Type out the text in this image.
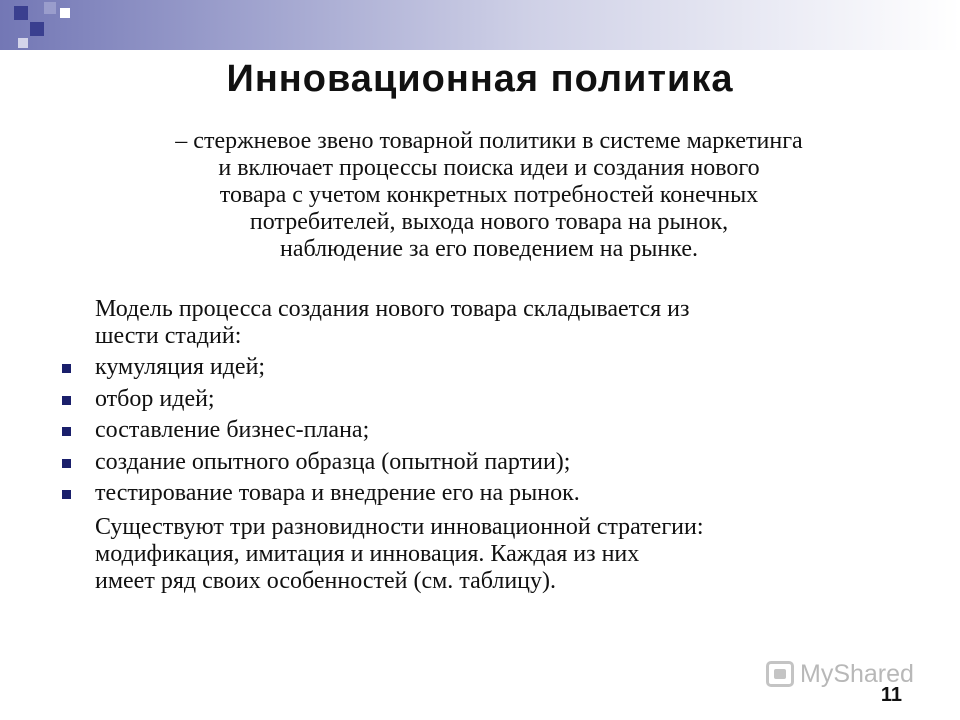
Инновационная политика
– стержневое звено товарной политики в системе маркетинга
и включает процессы поиска идеи и создания нового
товара с учетом конкретных потребностей конечных
потребителей, выхода нового товара на рынок,
наблюдение за его поведением на рынке.
Модель процесса создания нового товара складывается из
шести стадий:
кумуляция идей;
отбор идей;
составление бизнес-плана;
создание опытного образца (опытной партии);
тестирование товара и внедрение его на рынок.
Существуют три разновидности инновационной стратегии:
модификация, имитация и инновация. Каждая из них
имеет ряд своих особенностей (см. таблицу).
MyShared
11
